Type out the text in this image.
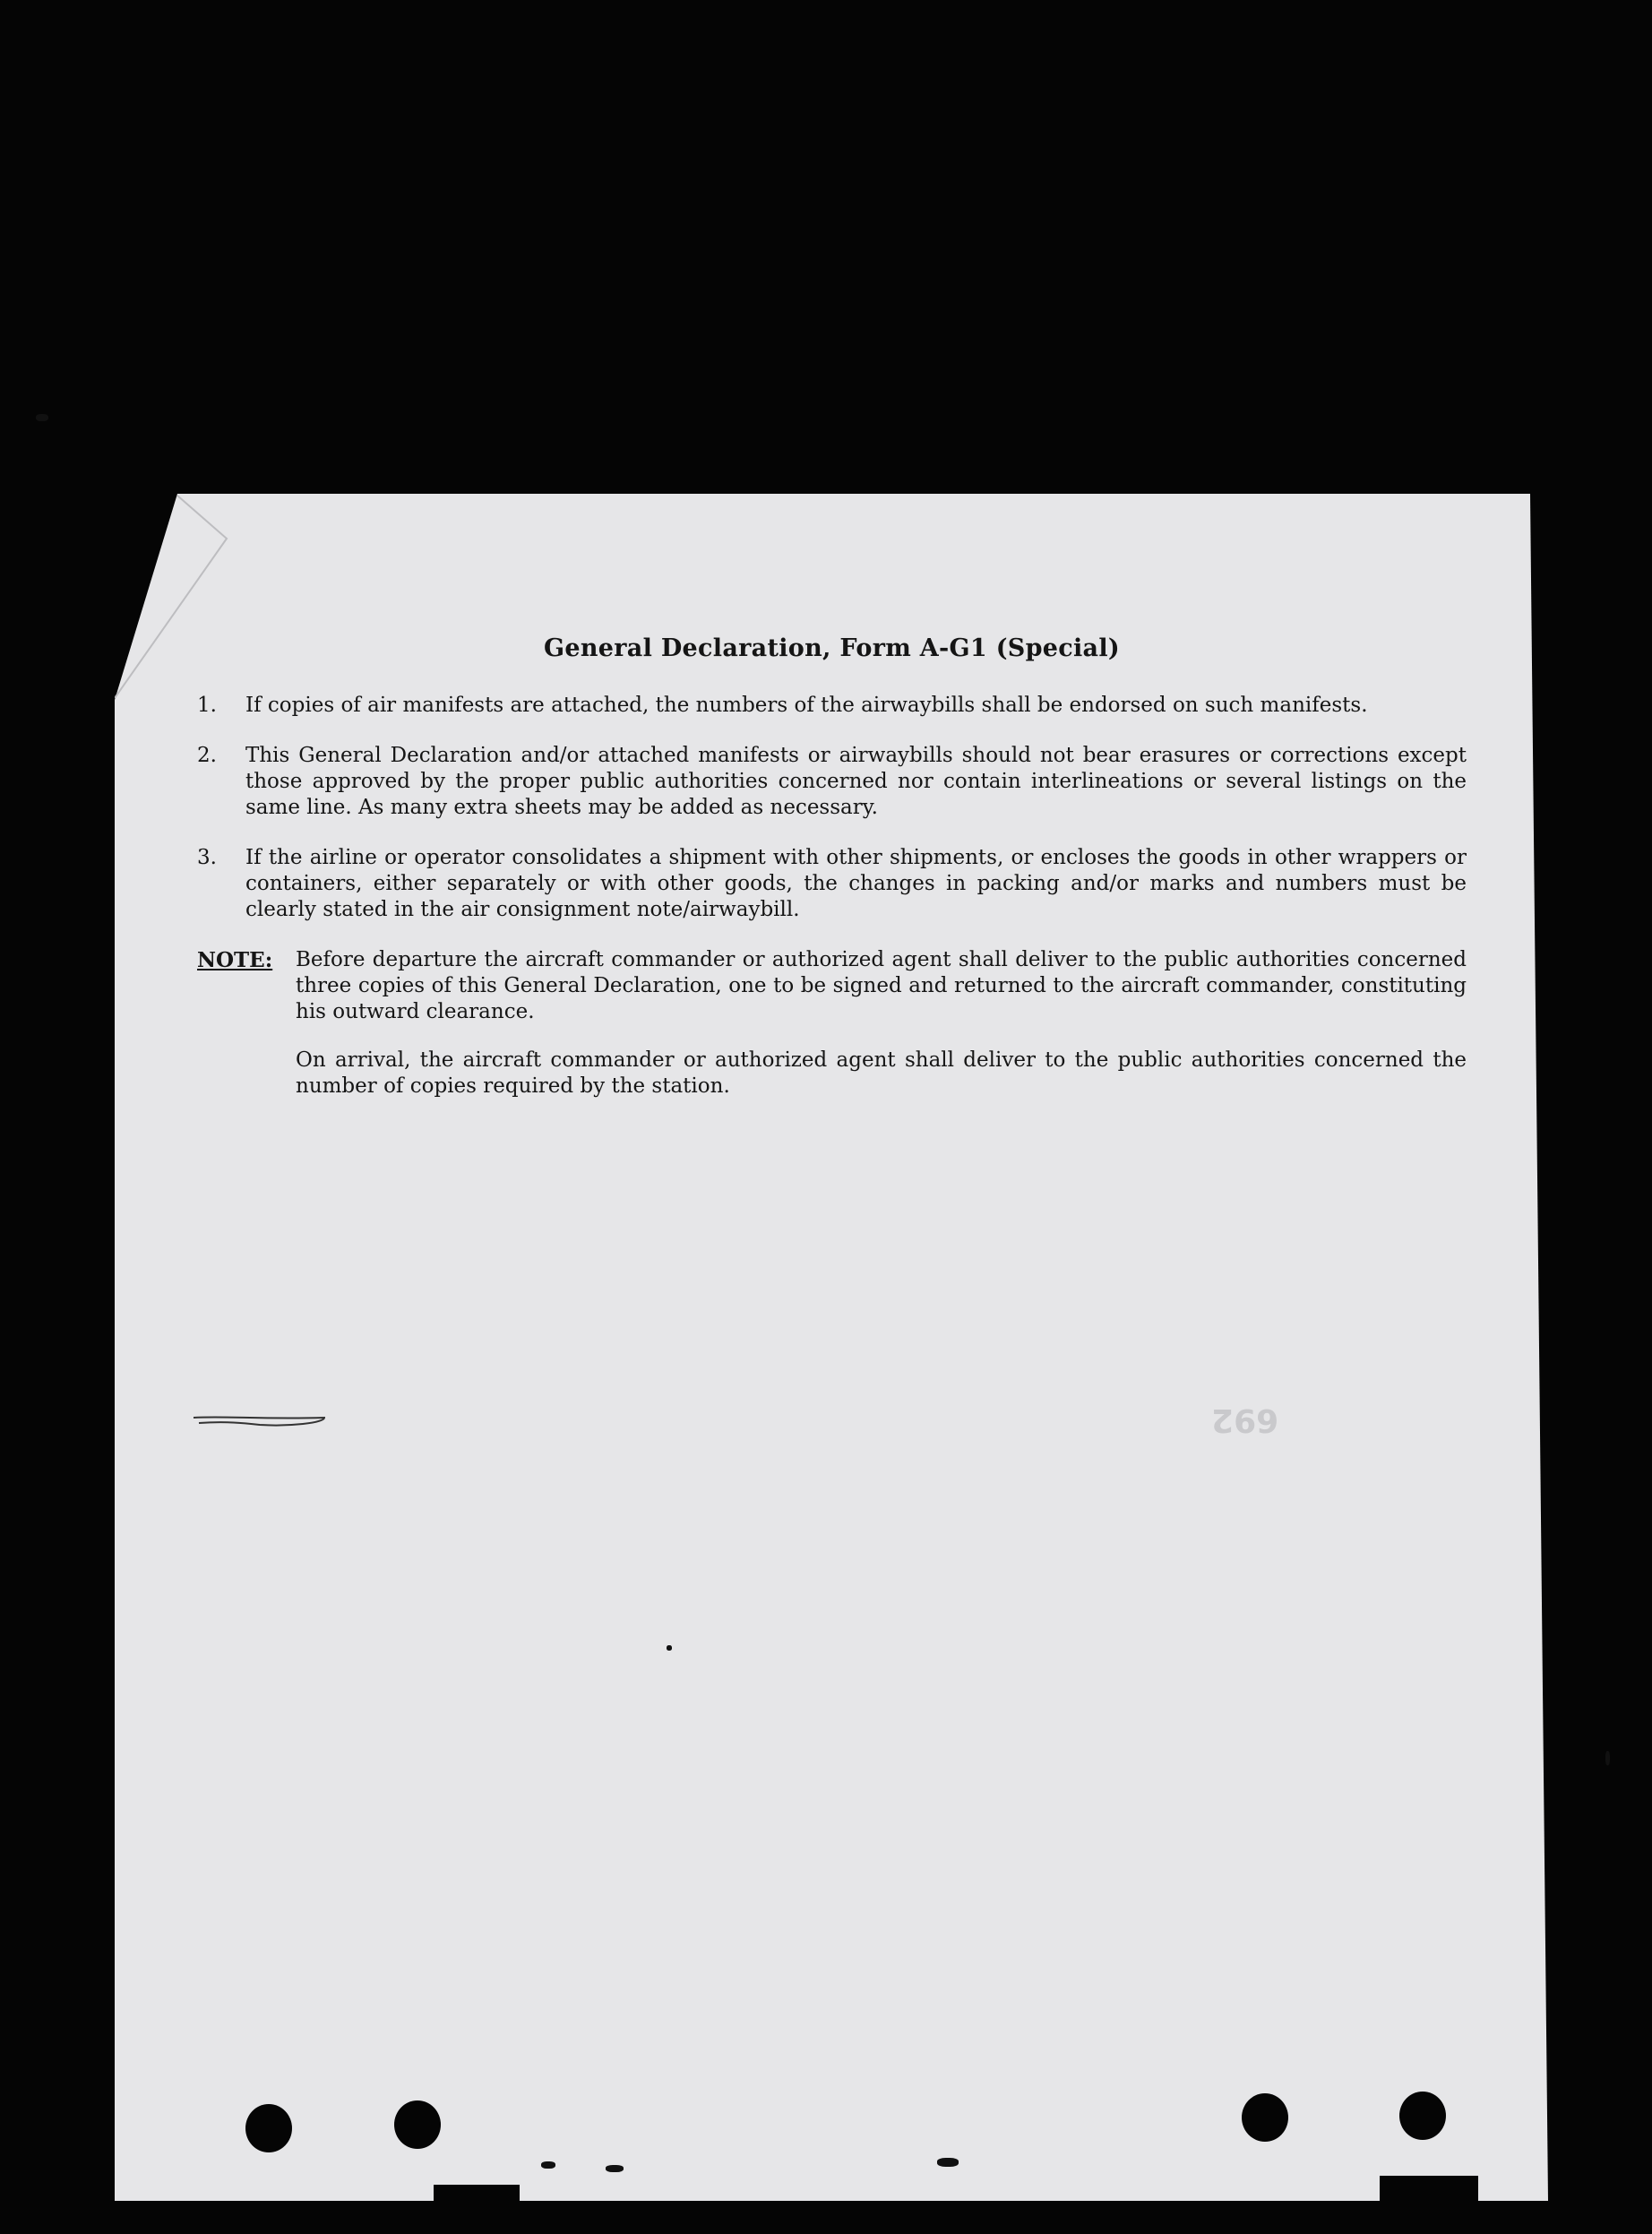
692
General Declaration, Form A-G1 (Special)
1.	If copies of air manifests are attached, the numbers of the airwaybills shall be endorsed on such manifests.
2.	This General Declaration and/or attached manifests or airwaybills should not bear erasures or corrections except those approved by the proper public authorities concerned nor contain interlineations or several listings on the same line. As many extra sheets may be added as necessary.
3.	If the airline or operator consolidates a shipment with other shipments, or encloses the goods in other wrappers or containers, either separately or with other goods, the changes in packing and/or marks and numbers must be clearly stated in the air consignment note/airwaybill.
NOTE:	Before departure the aircraft commander or authorized agent shall deliver to the public authorities concerned three copies of this General Declaration, one to be signed and returned to the aircraft commander, constituting his outward clearance.
On arrival, the aircraft commander or authorized agent shall deliver to the public authorities concerned the number of copies required by the station.
